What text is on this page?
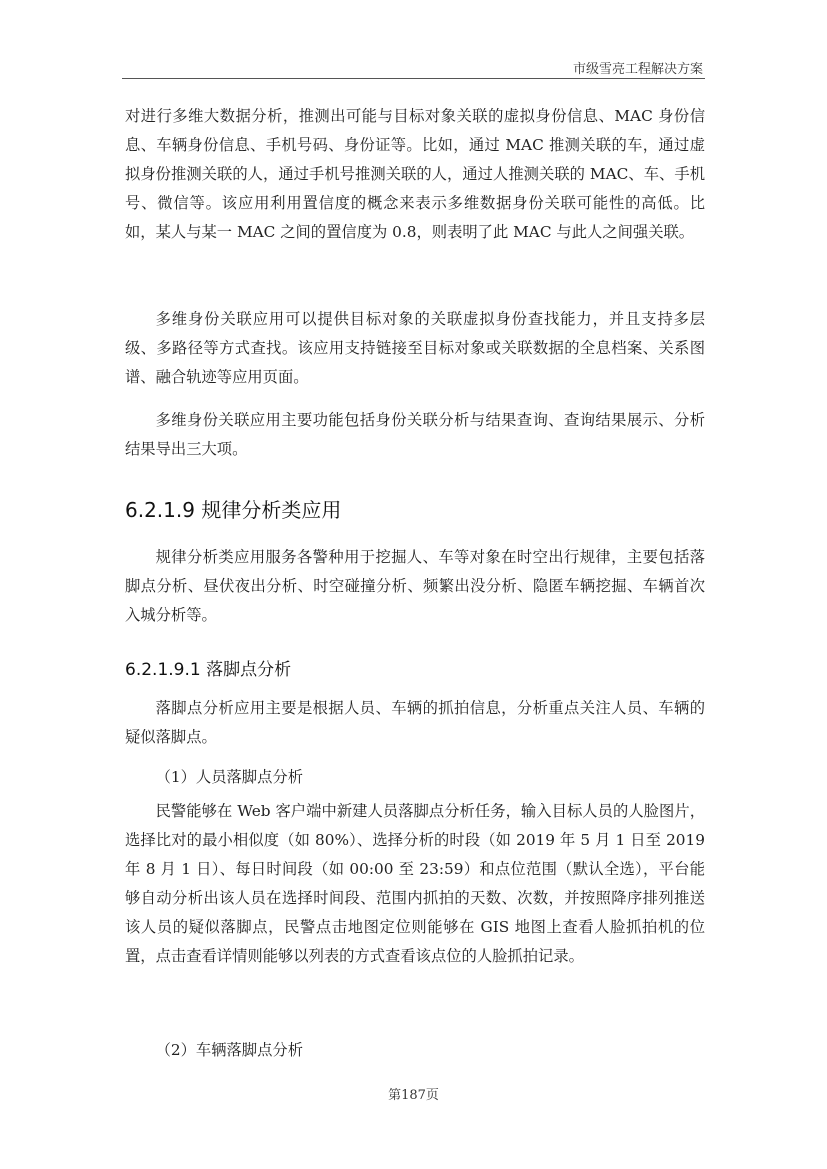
市级雪亮工程解决方案

对进行多维大数据分析，推测出可能与目标对象关联的虚拟身份信息、MAC 身份信息、车辆身份信息、手机号码、身份证等。比如，通过 MAC 推测关联的车，通过虚拟身份推测关联的人，通过手机号推测关联的人，通过人推测关联的 MAC、车、手机号、微信等。该应用利用置信度的概念来表示多维数据身份关联可能性的高低。比如，某人与某一 MAC 之间的置信度为 0.8，则表明了此 MAC 与此人之间强关联。

多维身份关联应用可以提供目标对象的关联虚拟身份查找能力，并且支持多层级、多路径等方式查找。该应用支持链接至目标对象或关联数据的全息档案、关系图谱、融合轨迹等应用页面。

多维身份关联应用主要功能包括身份关联分析与结果查询、查询结果展示、分析结果导出三大项。

6.2.1.9 规律分析类应用

规律分析类应用服务各警种用于挖掘人、车等对象在时空出行规律，主要包括落脚点分析、昼伏夜出分析、时空碰撞分析、频繁出没分析、隐匿车辆挖掘、车辆首次入城分析等。

6.2.1.9.1 落脚点分析

落脚点分析应用主要是根据人员、车辆的抓拍信息，分析重点关注人员、车辆的疑似落脚点。

（1）人员落脚点分析

民警能够在 Web 客户端中新建人员落脚点分析任务，输入目标人员的人脸图片，选择比对的最小相似度（如 80%）、选择分析的时段（如 2019 年 5 月 1 日至 2019 年 8 月 1 日）、每日时间段（如 00:00 至 23:59）和点位范围（默认全选），平台能够自动分析出该人员在选择时间段、范围内抓拍的天数、次数，并按照降序排列推送该人员的疑似落脚点，民警点击地图定位则能够在 GIS 地图上查看人脸抓拍机的位置，点击查看详情则能够以列表的方式查看该点位的人脸抓拍记录。

（2）车辆落脚点分析

第187页
